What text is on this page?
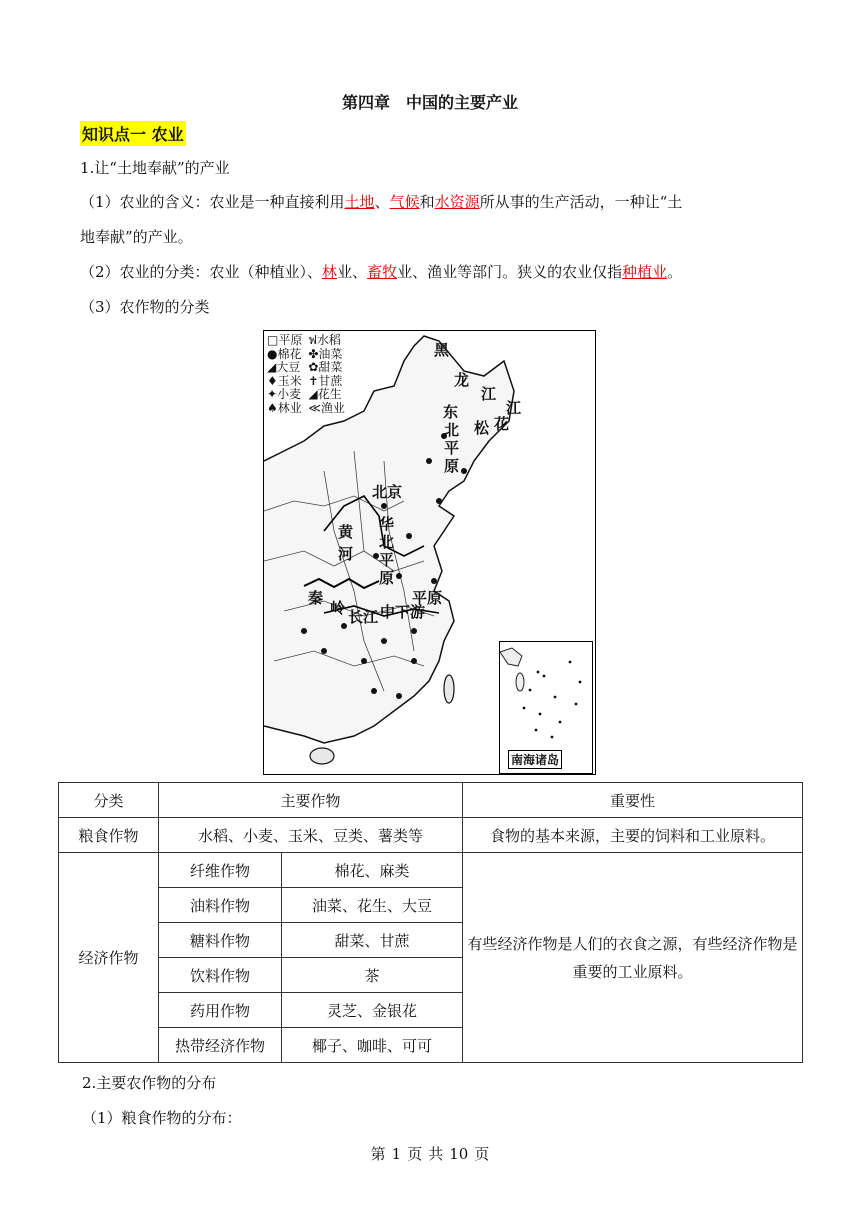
第四章 中国的主要产业
知识点一 农业
1.让“土地奉献”的产业
（1）农业的含义：农业是一种直接利用土地、气候和水资源所从事的生产活动，一种让“土
地奉献”的产业。
（2）农业的分类：农业（种植业）、林业、畜牧业、渔业等部门。狭义的农业仅指种植业。
（3）农作物的分类
□平原
●棉花
◢大豆
♦玉米
✦小麦
♠林业
ฟ水稻
✤油菜
✿甜菜
✝甘蔗
◢花生
≪渔业
黑
龙
江
东
北
平
原
松 花
江
北京
黄
河
华
北
平
原
秦
岭 长江 中下游
平原
南海诸岛
分类	主要作物		重要性
粮食作物	水稻、小麦、玉米、豆类、薯类等		食物的基本来源，主要的饲料和工业原料。
经济作物	纤维作物	棉花、麻类	有些经济作物是人们的衣食之源，有些经济作物是重要的工业原料。
	油料作物	油菜、花生、大豆	
	糖料作物	甜菜、甘蔗	
	饮料作物	茶	
	药用作物	灵芝、金银花	
	热带经济作物	椰子、咖啡、可可	
2.主要农作物的分布
（1）粮食作物的分布：
第 1 页 共 10 页
